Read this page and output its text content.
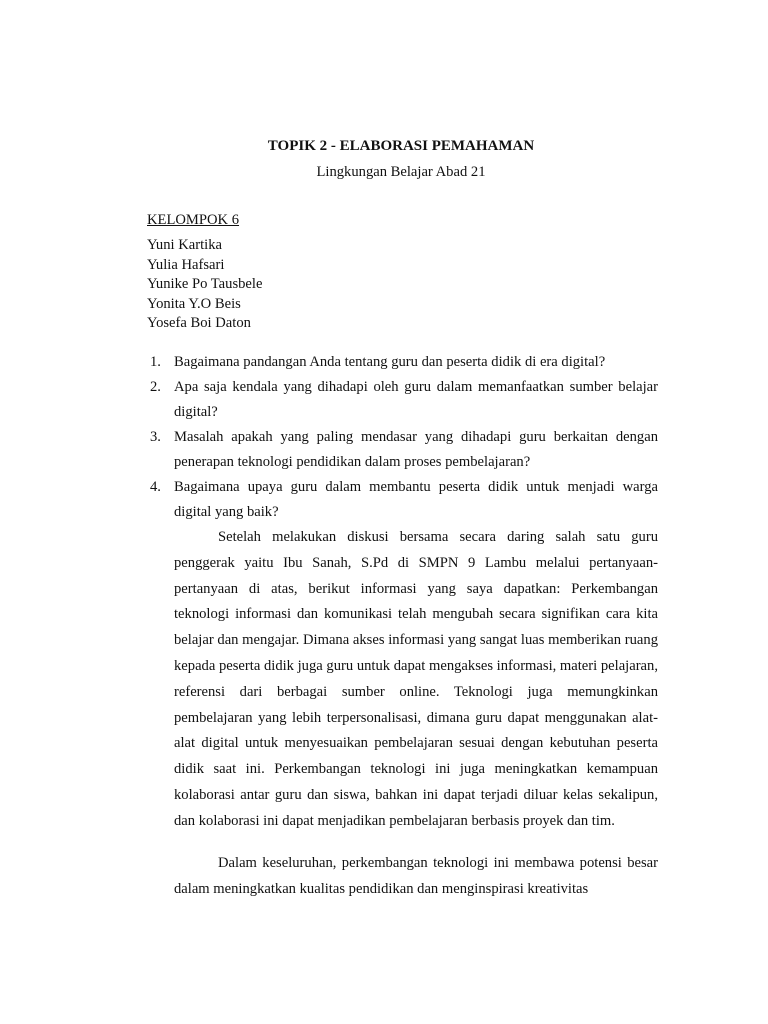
TOPIK 2 - ELABORASI PEMAHAMAN

Lingkungan Belajar Abad 21

KELOMPOK 6

Yuni Kartika
Yulia Hafsari
Yunike Po Tausbele
Yonita Y.O Beis
Yosefa Boi Daton
1. Bagaimana pandangan Anda tentang guru dan peserta didik di era digital?
2. Apa saja kendala yang dihadapi oleh guru dalam memanfaatkan sumber belajar digital?
3. Masalah apakah yang paling mendasar yang dihadapi guru berkaitan dengan penerapan teknologi pendidikan dalam proses pembelajaran?
4. Bagaimana upaya guru dalam membantu peserta didik untuk menjadi warga digital yang baik?

Setelah melakukan diskusi bersama secara daring salah satu guru penggerak yaitu Ibu Sanah, S.Pd di SMPN 9 Lambu melalui pertanyaan-pertanyaan di atas, berikut informasi yang saya dapatkan: Perkembangan teknologi informasi dan komunikasi telah mengubah secara signifikan cara kita belajar dan mengajar. Dimana akses informasi yang sangat luas memberikan ruang kepada peserta didik juga guru untuk dapat mengakses informasi, materi pelajaran, referensi dari berbagai sumber online. Teknologi juga memungkinkan pembelajaran yang lebih terpersonalisasi, dimana guru dapat menggunakan alat-alat digital untuk menyesuaikan pembelajaran sesuai dengan kebutuhan peserta didik saat ini. Perkembangan teknologi ini juga meningkatkan kemampuan kolaborasi antar guru dan siswa, bahkan ini dapat terjadi diluar kelas sekalipun, dan kolaborasi ini dapat menjadikan pembelajaran berbasis proyek dan tim.

Dalam keseluruhan, perkembangan teknologi ini membawa potensi besar dalam meningkatkan kualitas pendidikan dan menginspirasi kreativitas
